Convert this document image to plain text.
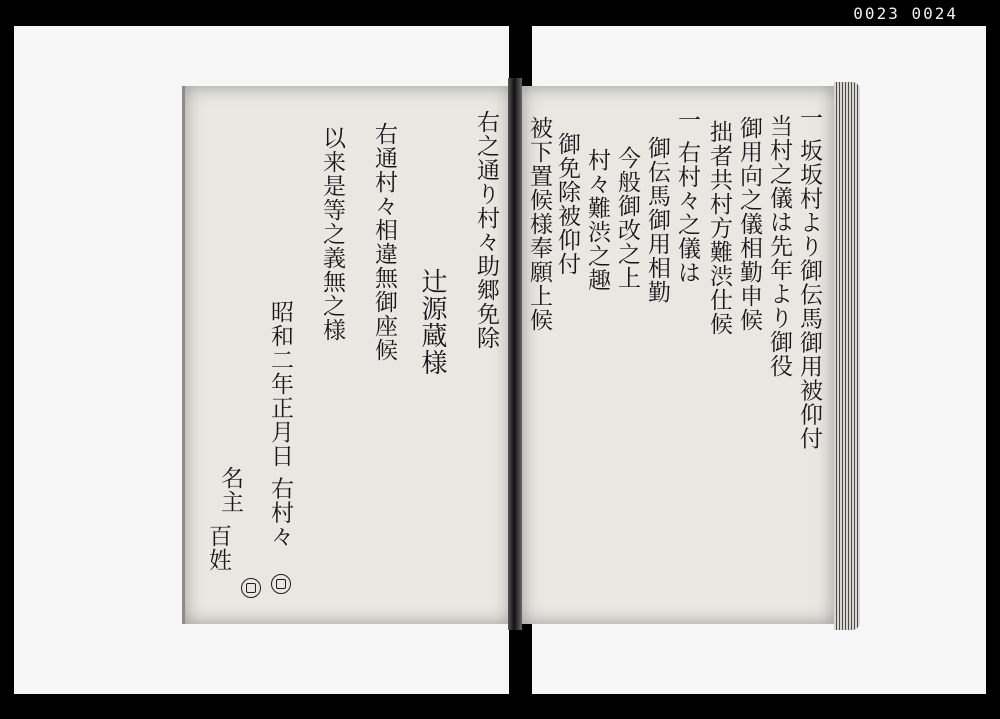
0023 0024
右之通り村々助郷免除
辻源蔵様
右通村々相違無御座候
以来是等之義無之様
昭和二年正月日 右村々
名主
百姓
一 坂坂村より御伝馬御用被仰付
当村之儀は先年より御役
御用向之儀相勤申候
拙者共村方難渋仕候
一 右村々之儀は
御伝馬御用相勤
今般御改之上
村々難渋之趣
御免除被仰付
被下置候様奉願上候
